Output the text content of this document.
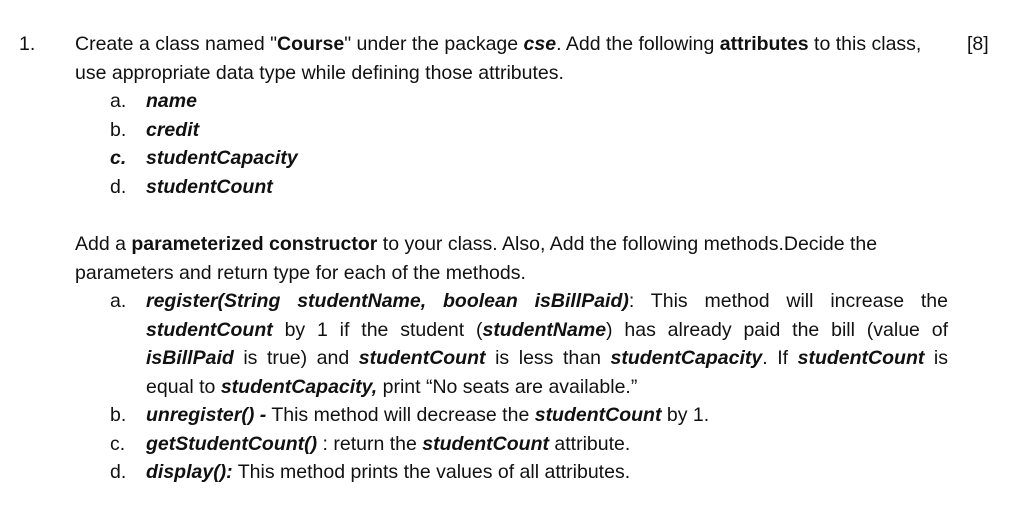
1.	[8]

Create a class named "Course" under the package cse. Add the following attributes to this class, use appropriate data type while defining those attributes.

a. name
b. credit
c. studentCapacity
d. studentCount

Add a parameterized constructor to your class. Also, Add the following methods.Decide the parameters and return type for each of the methods.

a. register(String studentName, boolean isBillPaid): This method will increase the studentCount by 1 if the student (studentName) has already paid the bill (value of isBillPaid is true) and studentCount is less than studentCapacity. If studentCount is equal to studentCapacity, print “No seats are available.”
b. unregister() - This method will decrease the studentCount by 1.
c. getStudentCount() : return the studentCount attribute.
d. display(): This method prints the values of all attributes.
